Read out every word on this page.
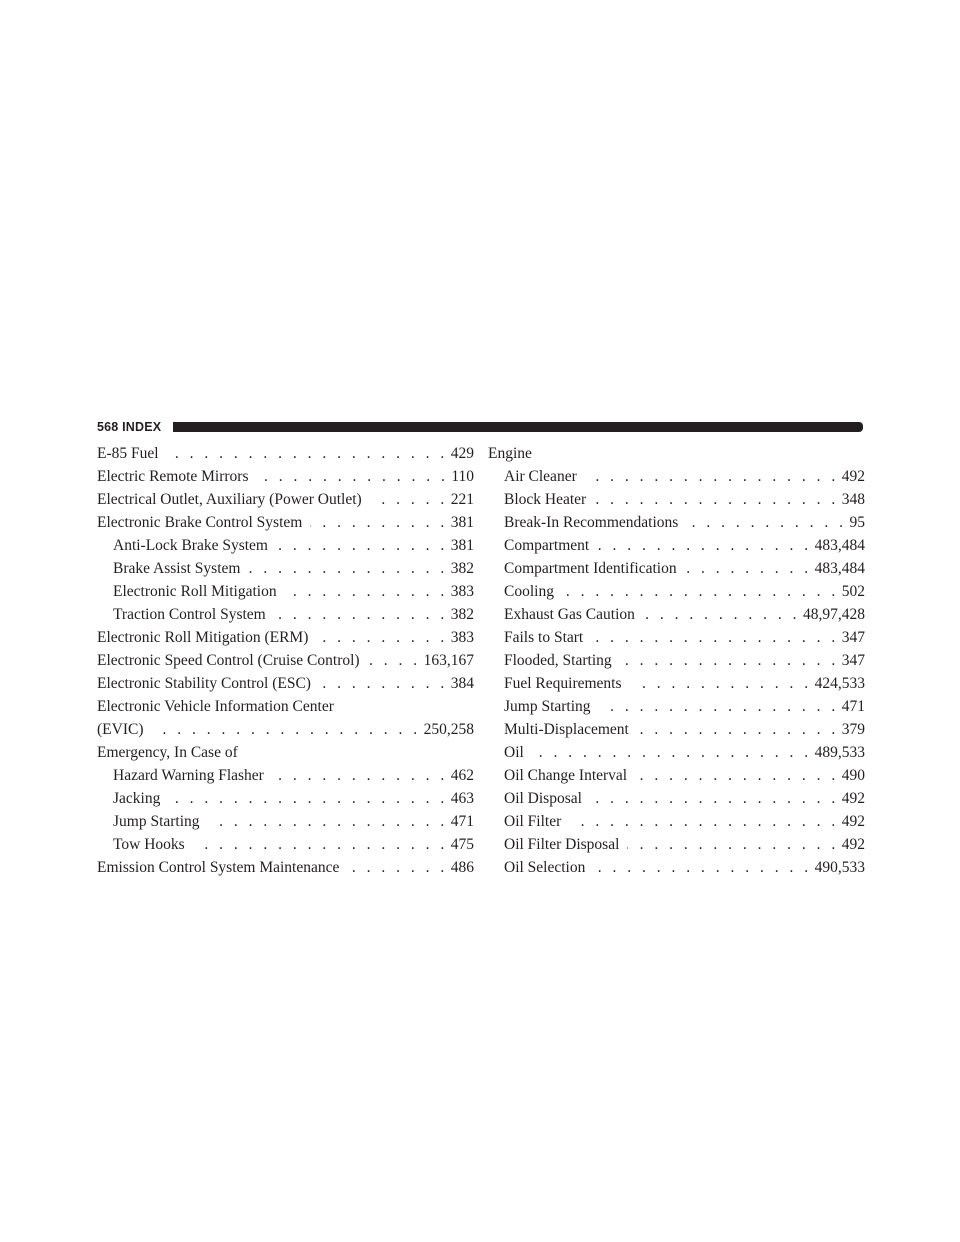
568 INDEX
E-85 Fuel . . .	429
Electric Remote Mirrors . . .	110
Electrical Outlet, Auxiliary (Power Outlet) . . .	221
Electronic Brake Control System . . .	381
Anti-Lock Brake System . . .	381
Brake Assist System . . .	382
Electronic Roll Mitigation . . .	383
Traction Control System . . .	382
Electronic Roll Mitigation (ERM) . . .	383
Electronic Speed Control (Cruise Control) . . .	163,167
Electronic Stability Control (ESC) . . .	384
Electronic Vehicle Information Center
(EVIC) . . .	250,258
Emergency, In Case of
Hazard Warning Flasher . . .	462
Jacking . . .	463
Jump Starting . . .	471
Tow Hooks . . .	475
Emission Control System Maintenance . . .	486
Engine
Air Cleaner . . .	492
Block Heater . . .	348
Break-In Recommendations . . .	95
Compartment . . .	483,484
Compartment Identification . . .	483,484
Cooling . . .	502
Exhaust Gas Caution . . .	48,97,428
Fails to Start . . .	347
Flooded, Starting . . .	347
Fuel Requirements . . .	424,533
Jump Starting . . .	471
Multi-Displacement . . .	379
Oil . . .	489,533
Oil Change Interval . . .	490
Oil Disposal . . .	492
Oil Filter . . .	492
Oil Filter Disposal . . .	492
Oil Selection . . .	490,533
